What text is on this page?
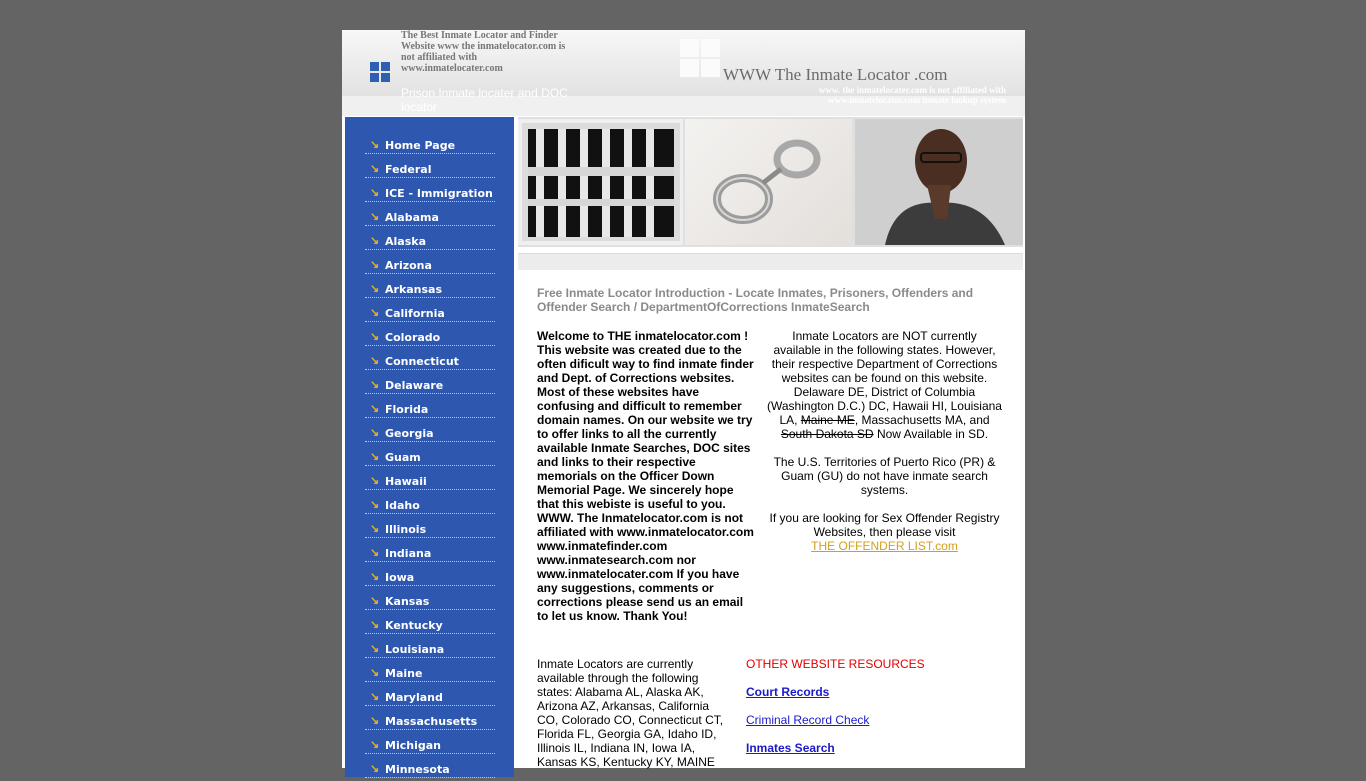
The Best Inmate Locator and Finder Website www the inmatelocator.com is not affiliated with www.inmatelocater.com
Prison Inmate locater and DOC locator
WWW The Inmate Locator .com
www. the inmatelocater.com is not affiliated with www.inmatelocator.com inmate lookup system
↘ Home Page
↘ Federal
↘ ICE - Immigration
↘ Alabama
↘ Alaska
↘ Arizona
↘ Arkansas
↘ California
↘ Colorado
↘ Connecticut
↘ Delaware
↘ Florida
↘ Georgia
↘ Guam
↘ Hawaii
↘ Idaho
↘ Illinois
↘ Indiana
↘ Iowa
↘ Kansas
↘ Kentucky
↘ Louisiana
↘ Maine
↘ Maryland
↘ Massachusetts
↘ Michigan
↘ Minnesota
Free Inmate Locator Introduction - Locate Inmates, Prisoners, Offenders and Offender Search / DepartmentOfCorrections InmateSearch
Welcome to THE inmatelocator.com ! This website was created due to the often dificult way to find inmate finder and Dept. of Corrections websites. Most of these websites have confusing and difficult to remember domain names. On our website we try to offer links to all the currently available Inmate Searches, DOC sites and links to their respective memorials on the Officer Down Memorial Page. We sincerely hope that this webiste is useful to you. WWW. The Inmatelocator.com is not affiliated with www.inmatelocator.com www.inmatefinder.com www.inmatesearch.com nor www.inmatelocater.com If you have any suggestions, comments or corrections please send us an email to let us know. Thank You!
Inmate Locators are NOT currently available in the following states. However, their respective Department of Corrections websites can be found on this website. Delaware DE, District of Columbia (Washington D.C.) DC, Hawaii HI, Louisiana LA, Maine ME, Massachusetts MA, and South Dakota SD Now Available in SD.

The U.S. Territories of Puerto Rico (PR) & Guam (GU) do not have inmate search systems.

If you are looking for Sex Offender Registry Websites, then please visit
THE OFFENDER LIST.com
Inmate Locators are currently available through the following states: Alabama AL, Alaska AK, Arizona AZ, Arkansas, California CO, Colorado CO, Connecticut CT, Florida FL, Georgia GA, Idaho ID, Illinois IL, Indiana IN, Iowa IA, Kansas KS, Kentucky KY, MAINE
OTHER WEBSITE RESOURCES
Court Records
Criminal Record Check
Inmates Search
